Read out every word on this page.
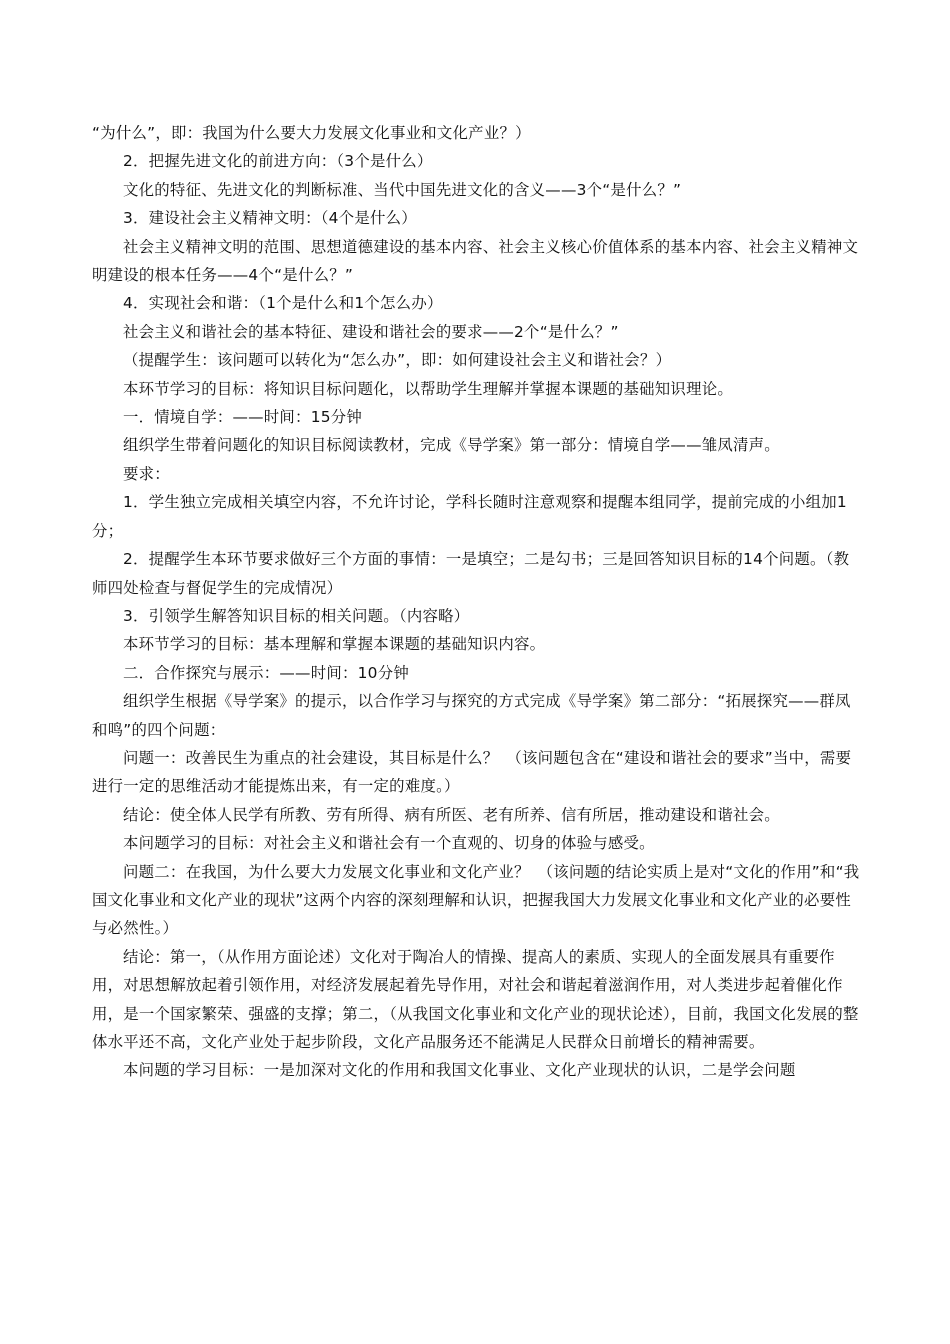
“为什么”，即：我国为什么要大力发展文化事业和文化产业？）

2．把握先进文化的前进方向：（3个是什么）

文化的特征、先进文化的判断标准、当代中国先进文化的含义——3个“是什么？”

3．建设社会主义精神文明：（4个是什么）

社会主义精神文明的范围、思想道德建设的基本内容、社会主义核心价值体系的基本内容、社会主义精神文明建设的根本任务——4个“是什么？”

4．实现社会和谐：（1个是什么和1个怎么办）

社会主义和谐社会的基本特征、建设和谐社会的要求——2个“是什么？”

（提醒学生：该问题可以转化为“怎么办”，即：如何建设社会主义和谐社会？）

本环节学习的目标：将知识目标问题化，以帮助学生理解并掌握本课题的基础知识理论。

一．情境自学：——时间：15分钟

组织学生带着问题化的知识目标阅读教材，完成《导学案》第一部分：情境自学——雏凤清声。

要求：

1．学生独立完成相关填空内容，不允许讨论，学科长随时注意观察和提醒本组同学，提前完成的小组加1分；

2．提醒学生本环节要求做好三个方面的事情：一是填空；二是勾书；三是回答知识目标的14个问题。（教师四处检查与督促学生的完成情况）

3．引领学生解答知识目标的相关问题。（内容略）

本环节学习的目标：基本理解和掌握本课题的基础知识内容。

二．合作探究与展示：——时间：10分钟

组织学生根据《导学案》的提示，以合作学习与探究的方式完成《导学案》第二部分：“拓展探究——群凤和鸣”的四个问题：

问题一：改善民生为重点的社会建设，其目标是什么？　（该问题包含在“建设和谐社会的要求”当中，需要进行一定的思维活动才能提炼出来，有一定的难度。）

结论：使全体人民学有所教、劳有所得、病有所医、老有所养、信有所居，推动建设和谐社会。

本问题学习的目标：对社会主义和谐社会有一个直观的、切身的体验与感受。

问题二：在我国，为什么要大力发展文化事业和文化产业？　（该问题的结论实质上是对“文化的作用”和“我国文化事业和文化产业的现状”这两个内容的深刻理解和认识，把握我国大力发展文化事业和文化产业的必要性与必然性。）

结论：第一，（从作用方面论述）文化对于陶冶人的情操、提高人的素质、实现人的全面发展具有重要作用，对思想解放起着引领作用，对经济发展起着先导作用，对社会和谐起着滋润作用，对人类进步起着催化作用，是一个国家繁荣、强盛的支撑；第二，（从我国文化事业和文化产业的现状论述），目前，我国文化发展的整体水平还不高，文化产业处于起步阶段，文化产品服务还不能满足人民群众日前增长的精神需要。

本问题的学习目标：一是加深对文化的作用和我国文化事业、文化产业现状的认识，二是学会问题
